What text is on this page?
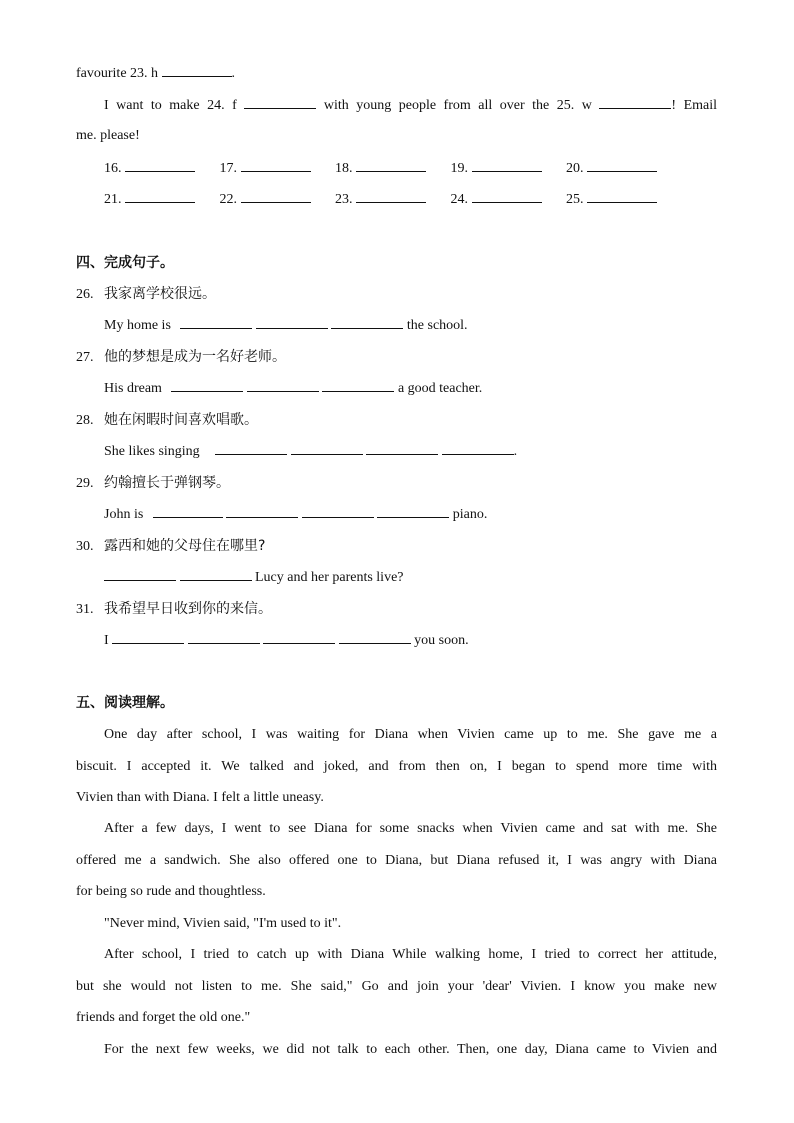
favourite 23. h	.
I want to make 24. f	with young people from all over the 25. w	! Email
me. please!
16.	17.	18.	19.	20.
21.	22.	23.	24.	25.
四、完成句子。
26. 我家离学校很远。
My home is	the school.
27. 他的梦想是成为一名好老师。
His dream	a good teacher.
28. 她在闲暇时间喜欢唱歌。
She likes singing	.
29. 约翰擅长于弹钢琴。
John is	piano.
30. 露西和她的父母住在哪里?
Lucy and her parents live?
31. 我希望早日收到你的来信。
I	you soon.
五、阅读理解。
One day after school, I was waiting for Diana when Vivien came up to me. She gave me a
biscuit. I accepted it. We talked and joked, and from then on, I began to spend more time with
Vivien than with Diana. I felt a little uneasy.
After a few days, I went to see Diana for some snacks when Vivien came and sat with me. She
offered me a sandwich. She also offered one to Diana, but Diana refused it, I was angry with Diana
for being so rude and thoughtless.
"Never mind, Vivien said, "I'm used to it".
After school, I tried to catch up with Diana While walking home, I tried to correct her attitude,
but she would not listen to me. She said," Go and join your 'dear' Vivien. I know you make new
friends and forget the old one."
For the next few weeks, we did not talk to each other. Then, one day, Diana came to Vivien and
